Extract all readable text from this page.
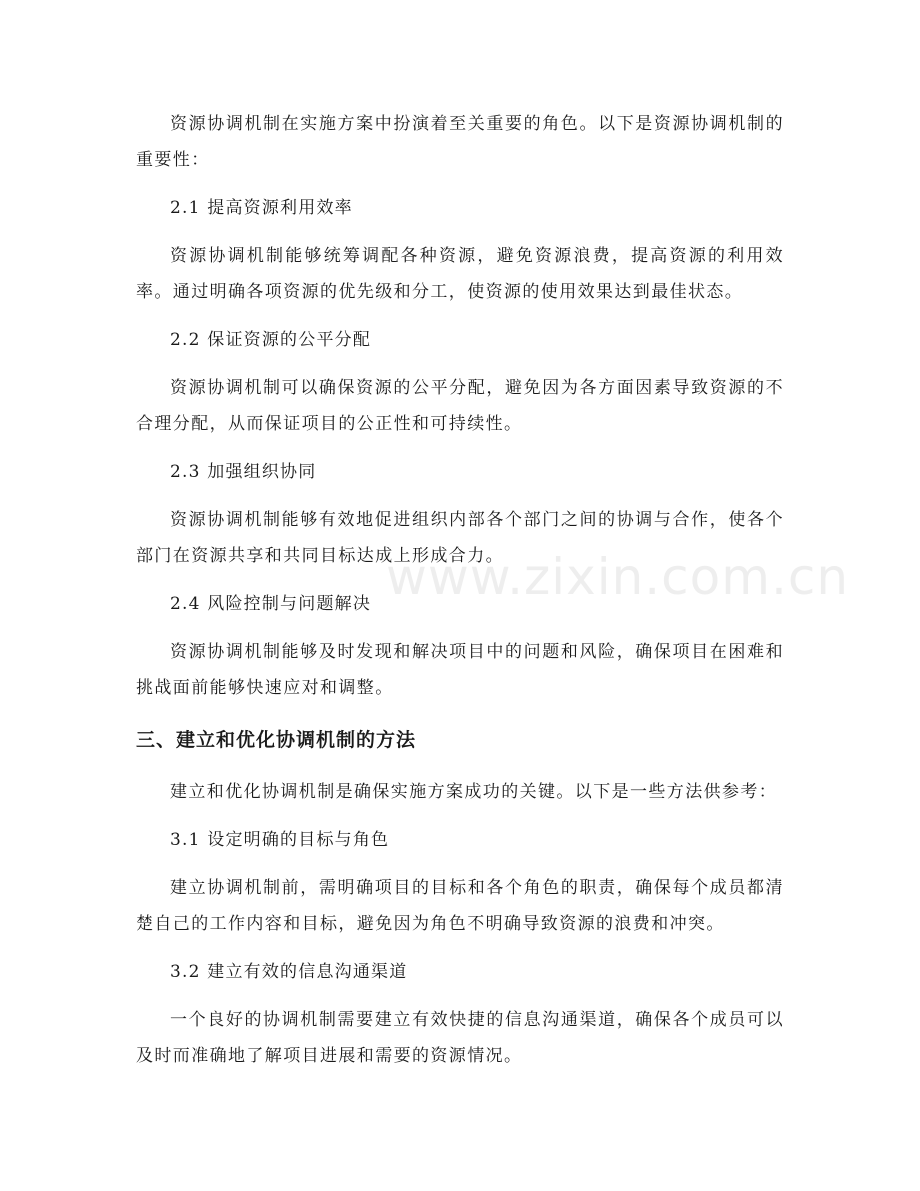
资源协调机制在实施方案中扮演着至关重要的角色。以下是资源协调机制的重要性：

2.1 提高资源利用效率

资源协调机制能够统筹调配各种资源，避免资源浪费，提高资源的利用效率。通过明确各项资源的优先级和分工，使资源的使用效果达到最佳状态。

2.2 保证资源的公平分配

资源协调机制可以确保资源的公平分配，避免因为各方面因素导致资源的不合理分配，从而保证项目的公正性和可持续性。

2.3 加强组织协同

资源协调机制能够有效地促进组织内部各个部门之间的协调与合作，使各个部门在资源共享和共同目标达成上形成合力。

2.4 风险控制与问题解决

资源协调机制能够及时发现和解决项目中的问题和风险，确保项目在困难和挑战面前能够快速应对和调整。

三、建立和优化协调机制的方法

建立和优化协调机制是确保实施方案成功的关键。以下是一些方法供参考：

3.1 设定明确的目标与角色

建立协调机制前，需明确项目的目标和各个角色的职责，确保每个成员都清楚自己的工作内容和目标，避免因为角色不明确导致资源的浪费和冲突。

3.2 建立有效的信息沟通渠道

一个良好的协调机制需要建立有效快捷的信息沟通渠道，确保各个成员可以及时而准确地了解项目进展和需要的资源情况。

www.zixin.com.cn
